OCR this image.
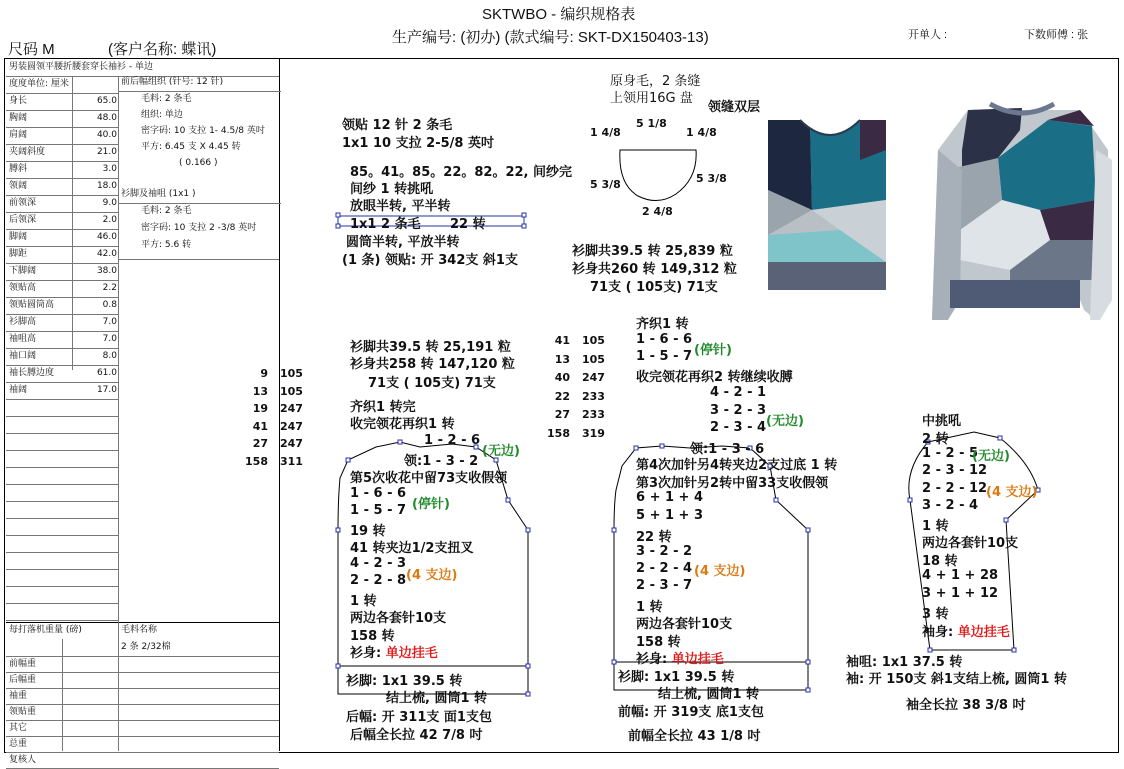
SKTWBO - 编织规格表
尺码 M	(客户名称: 蝶讯)
生产编号: (初办) (款式编号: SKT-DX150403-13)	开单人 :	下数师傅 : 张
男装圆领平腰折腰套穿长袖衫 - 单边
度度单位: 厘米
身长	65.0
胸阔	48.0
肩阔	40.0
夹阔斜度	21.0
膊斜	3.0
领阔	18.0
前领深	9.0
后领深	2.0
脚阔	46.0
脚距	42.0
下脚阔	38.0
领贴高	2.2
领贴圆筒高	0.8
衫脚高	7.0
袖咀高	7.0
袖口阔	8.0
袖长膊边度	61.0
袖阔	17.0
前后幅组织 (针号: 12 针)
毛料: 2 条毛
组织: 单边
密字码: 10 支拉 1- 4.5/8 英吋
平方: 6.45 支 X 4.45 转
( 0.166 )
衫脚及袖咀 (1x1 )
毛料: 2 条毛
密字码: 10 支拉 2 -3/8 英吋
平方: 5.6 转
每打落机重量 (磅)	毛料名称
2 条 2/32棉
前幅重
后幅重
袖重
领贴重
其它
总重
复核人
领贴 12 针 2 条毛
1x1 10 支拉 2-5/8 英吋
85。41。85。22。82。22, 间纱完
间纱 1 转挑吼
放眼半转, 平半转
1x1 2 条毛 22 转
圆筒半转, 平放半转
(1 条) 领贴: 开 342支 斜1支
原身毛，2 条缝
上领用16G 盘
领缝双层
5 1/8
1 4/8	1 4/8
5 3/8	5 3/8
2 4/8
衫脚共39.5 转 25,839 粒
衫身共260 转 149,312 粒
71支 ( 105支) 71支
9 105
13 105
19 247
41 247
27 247
158 311
衫脚共39.5 转 25,191 粒
衫身共258 转 147,120 粒
71支 ( 105支) 71支
齐织1 转完
收完领花再织1 转
1 - 2 - 6
(无边)
领:1 - 3 - 2
第5次收花中留73支收假领
1 - 6 - 6
(停针)
1 - 5 - 7
19 转
41 转夹边1/2支扭叉
4 - 2 - 3
(4 支边)
2 - 2 - 8
1 转
两边各套针10支
158 转
衫身: 单边挂毛
衫脚: 1x1 39.5 转
结上梳, 圆筒1 转
后幅: 开 311支 面1支包
后幅全长拉 42 7/8 吋
41 105
13 105
40 247
22 233
27 233
158 319
齐织1 转
1 - 6 - 6
(停针)
1 - 5 - 7
收完领花再织2 转继续收膊
4 - 2 - 1
3 - 2 - 3
(无边)
2 - 3 - 4
领:1 - 3 - 6
第4次加针另4转夹边2支过底 1 转
第3次加针另2转中留33支收假领
6 + 1 + 4
5 + 1 + 3
22 转
3 - 2 - 2
2 - 2 - 4 (4 支边)
2 - 3 - 7
1 转
两边各套针10支
158 转
衫身: 单边挂毛
衫脚: 1x1 39.5 转
结上梳, 圆筒1 转
前幅: 开 319支 底1支包
前幅全长拉 43 1/8 吋
中挑吼
2 转
1 - 2 - 5
(无边)
2 - 3 - 12
2 - 2 - 12
(4 支边)
3 - 2 - 4
1 转
两边各套针10支
18 转
4 + 1 + 28
3 + 1 + 12
3 转
袖身: 单边挂毛
袖咀: 1x1 37.5 转
袖: 开 150支 斜1支结上梳, 圆筒1 转
袖全长拉 38 3/8 吋
